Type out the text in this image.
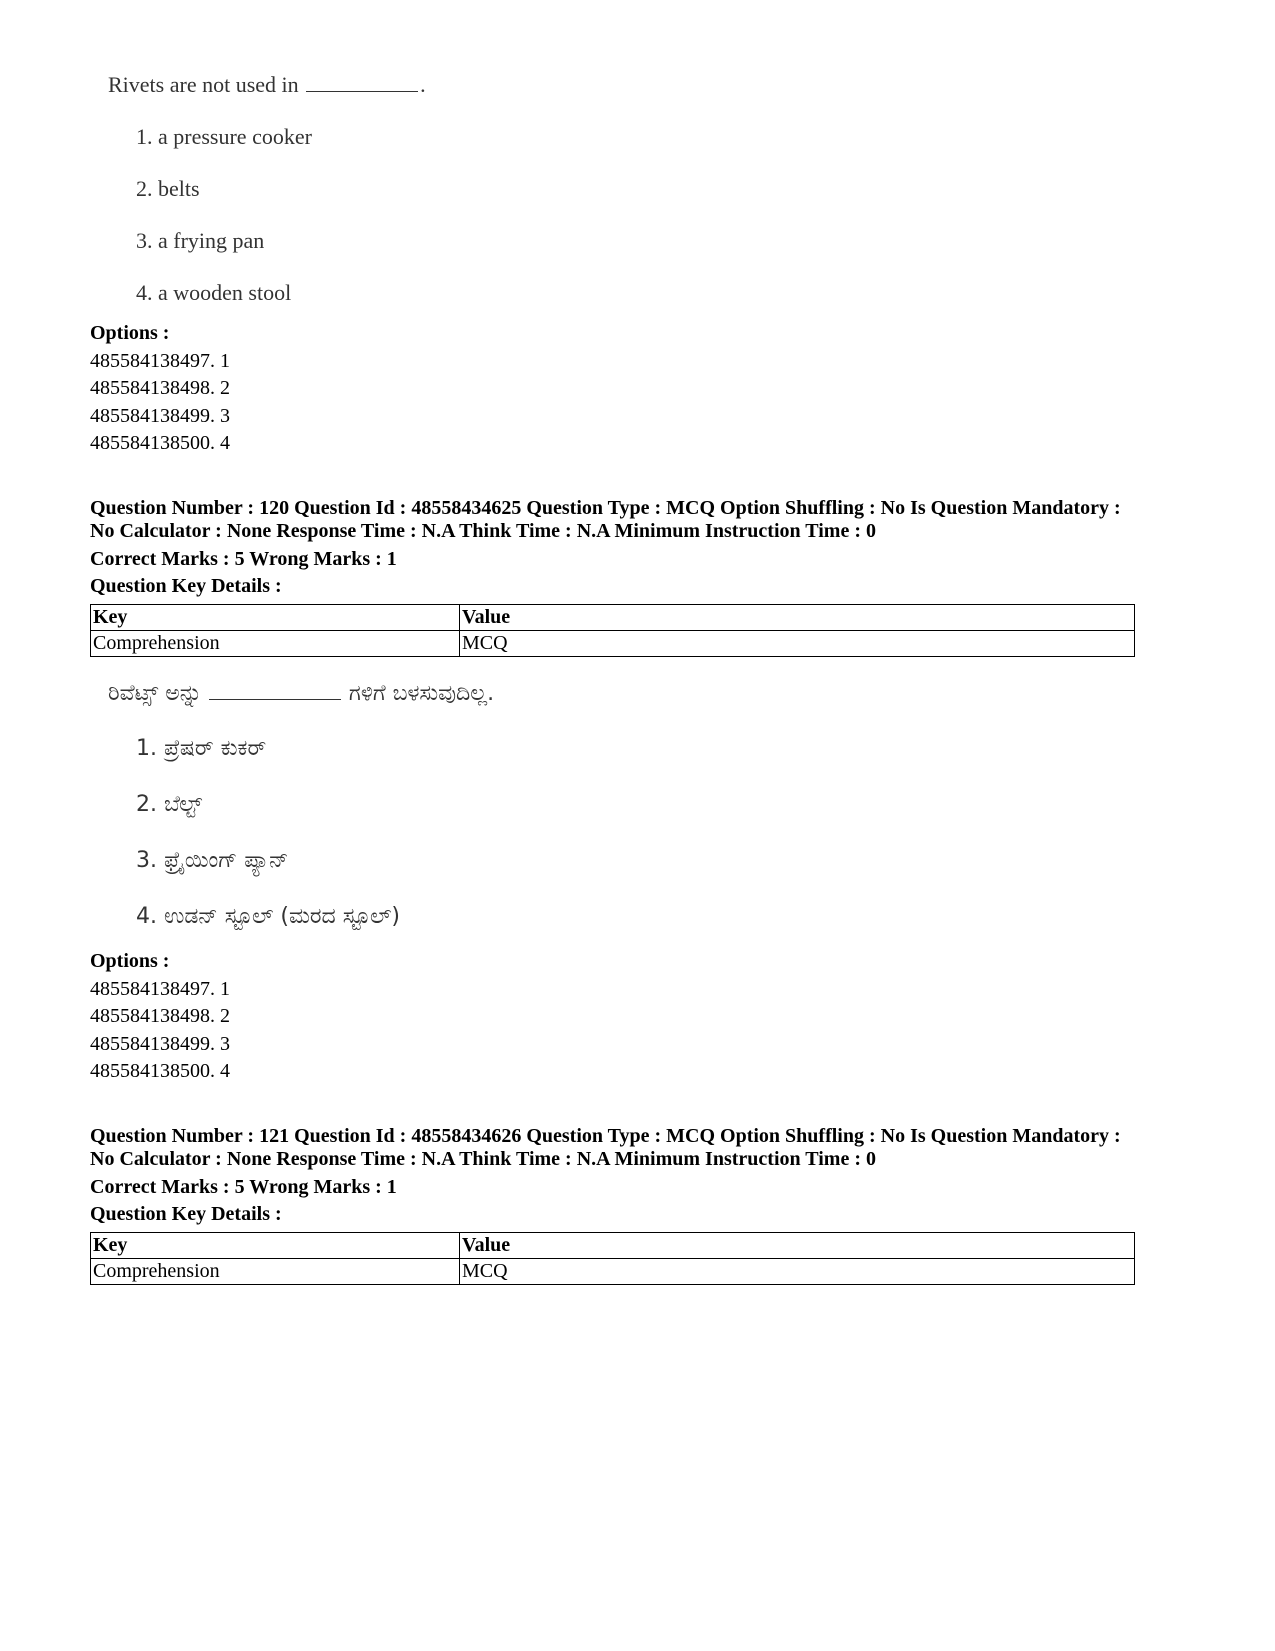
Rivets are not used in	.
1. a pressure cooker
2. belts
3. a frying pan
4. a wooden stool
Options :
485584138497. 1
485584138498. 2
485584138499. 3
485584138500. 4
Question Number : 120 Question Id : 48558434625 Question Type : MCQ Option Shuffling : No Is Question Mandatory :
No Calculator : None Response Time : N.A Think Time : N.A Minimum Instruction Time : 0
Correct Marks : 5 Wrong Marks : 1
Question Key Details :
Key	Value
Comprehension	MCQ
ರಿವೆಟ್ಸ್ ಅನ್ನು	ಗಳಿಗೆ ಬಳಸುವುದಿಲ್ಲ.
1. ಪ್ರೆಷರ್ ಕುಕರ್
2. ಬೆಲ್ಟ್
3. ಫ್ರೈಯಿಂಗ್ ಪ್ಯಾನ್
4. ಉಡನ್ ಸ್ಟೂಲ್ (ಮರದ ಸ್ಟೂಲ್)
Options :
485584138497. 1
485584138498. 2
485584138499. 3
485584138500. 4
Question Number : 121 Question Id : 48558434626 Question Type : MCQ Option Shuffling : No Is Question Mandatory :
No Calculator : None Response Time : N.A Think Time : N.A Minimum Instruction Time : 0
Correct Marks : 5 Wrong Marks : 1
Question Key Details :
Key	Value
Comprehension	MCQ
